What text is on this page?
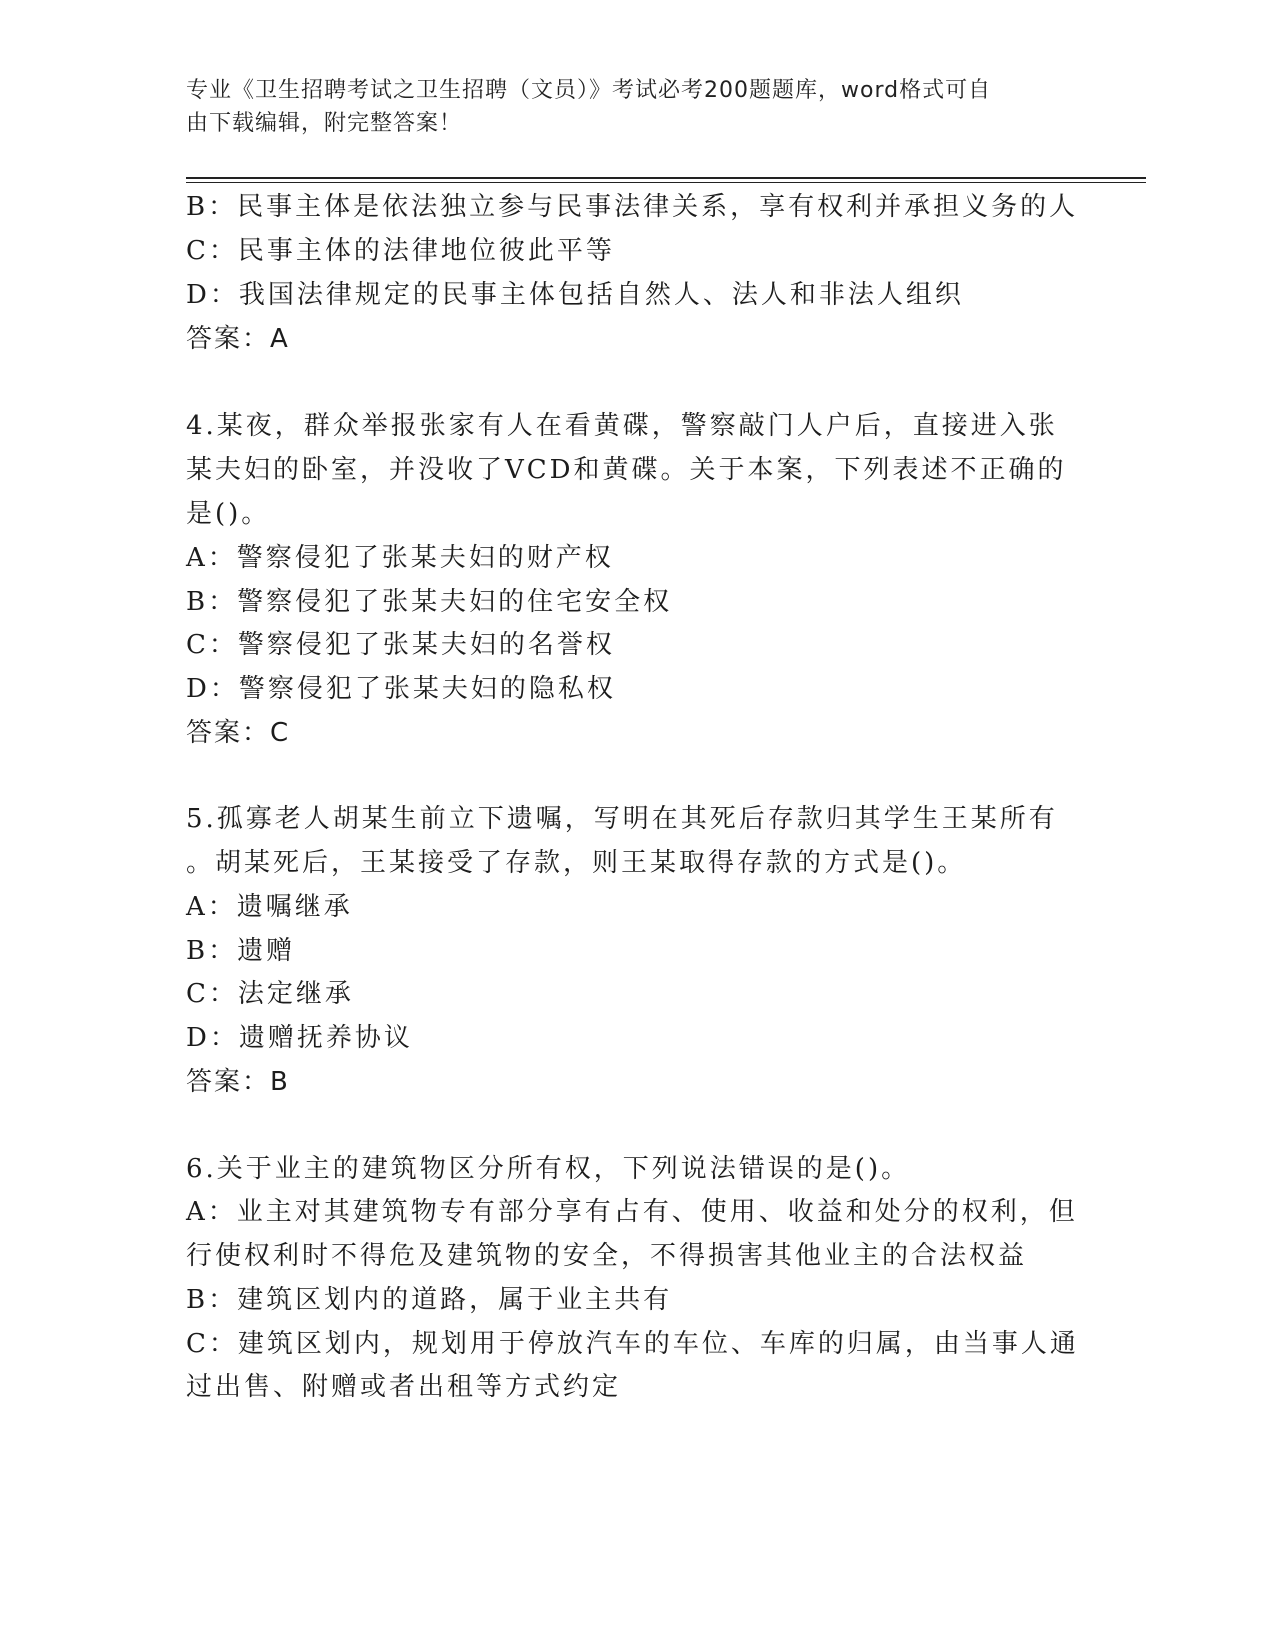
专业《卫生招聘考试之卫生招聘（文员）》考试必考200题题库，word格式可自
由下载编辑，附完整答案！
B：民事主体是依法独立参与民事法律关系，享有权利并承担义务的人
C：民事主体的法律地位彼此平等
D：我国法律规定的民事主体包括自然人、法人和非法人组织
答案：A
4.某夜，群众举报张家有人在看黄碟，警察敲门人户后，直接进入张
某夫妇的卧室，并没收了VCD和黄碟。关于本案，下列表述不正确的
是()。
A：警察侵犯了张某夫妇的财产权
B：警察侵犯了张某夫妇的住宅安全权
C：警察侵犯了张某夫妇的名誉权
D：警察侵犯了张某夫妇的隐私权
答案：C
5.孤寡老人胡某生前立下遗嘱，写明在其死后存款归其学生王某所有
。胡某死后，王某接受了存款，则王某取得存款的方式是()。
A：遗嘱继承
B：遗赠
C：法定继承
D：遗赠抚养协议
答案：B
6.关于业主的建筑物区分所有权，下列说法错误的是()。
A：业主对其建筑物专有部分享有占有、使用、收益和处分的权利，但
行使权利时不得危及建筑物的安全，不得损害其他业主的合法权益
B：建筑区划内的道路，属于业主共有
C：建筑区划内，规划用于停放汽车的车位、车库的归属，由当事人通
过出售、附赠或者出租等方式约定
